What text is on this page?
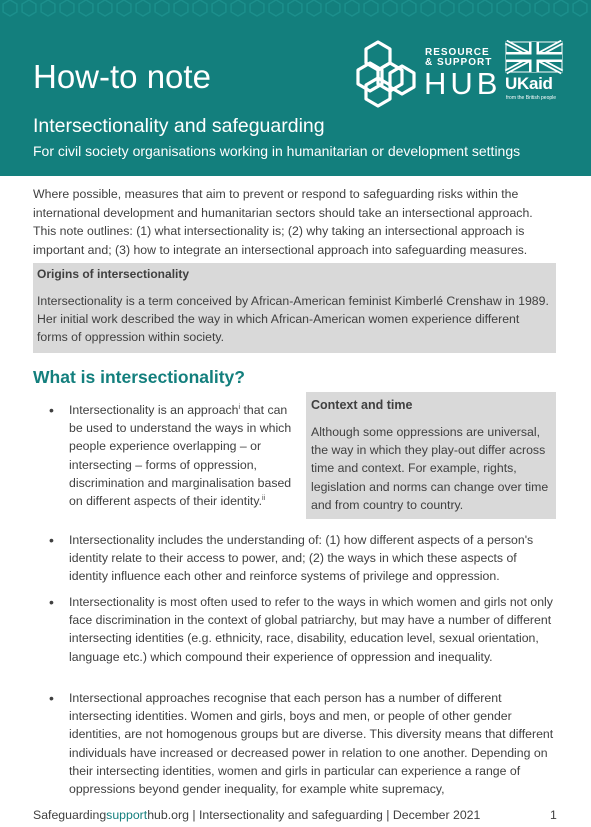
How-to note
RESOURCE
& SUPPORT
HUB UKaid
from the British people
Intersectionality and safeguarding
For civil society organisations working in humanitarian or development settings
Where possible, measures that aim to prevent or respond to safeguarding risks within the international development and humanitarian sectors should take an intersectional approach. This note outlines: (1) what intersectionality is; (2) why taking an intersectional approach is important and; (3) how to integrate an intersectional approach into safeguarding measures.
Origins of intersectionality
Intersectionality is a term conceived by African-American feminist Kimberlé Crenshaw in 1989. Her initial work described the way in which African-American women experience different forms of oppression within society.
What is intersectionality?
Context and time
Although some oppressions are universal, the way in which they play-out differ across time and context. For example, rights, legislation and norms can change over time and from country to country.
• Intersectionality is an approach$^i$ that can be used to understand the ways in which people experience overlapping – or intersecting – forms of oppression, discrimination and marginalisation based on different aspects of their identity.$^{ii}$
• Intersectionality includes the understanding of: (1) how different aspects of a person's identity relate to their access to power, and; (2) the ways in which these aspects of identity influence each other and reinforce systems of privilege and oppression.
• Intersectionality is most often used to refer to the ways in which women and girls not only face discrimination in the context of global patriarchy, but may have a number of different intersecting identities (e.g. ethnicity, race, disability, education level, sexual orientation, language etc.) which compound their experience of oppression and inequality.
• Intersectional approaches recognise that each person has a number of different intersecting identities. Women and girls, boys and men, or people of other gender identities, are not homogenous groups but are diverse. This diversity means that different individuals have increased or decreased power in relation to one another. Depending on their intersecting identities, women and girls in particular can experience a range of oppressions beyond gender inequality, for example white supremacy,
Safeguardingsupporthub.org | Intersectionality and safeguarding | December 2021	1
